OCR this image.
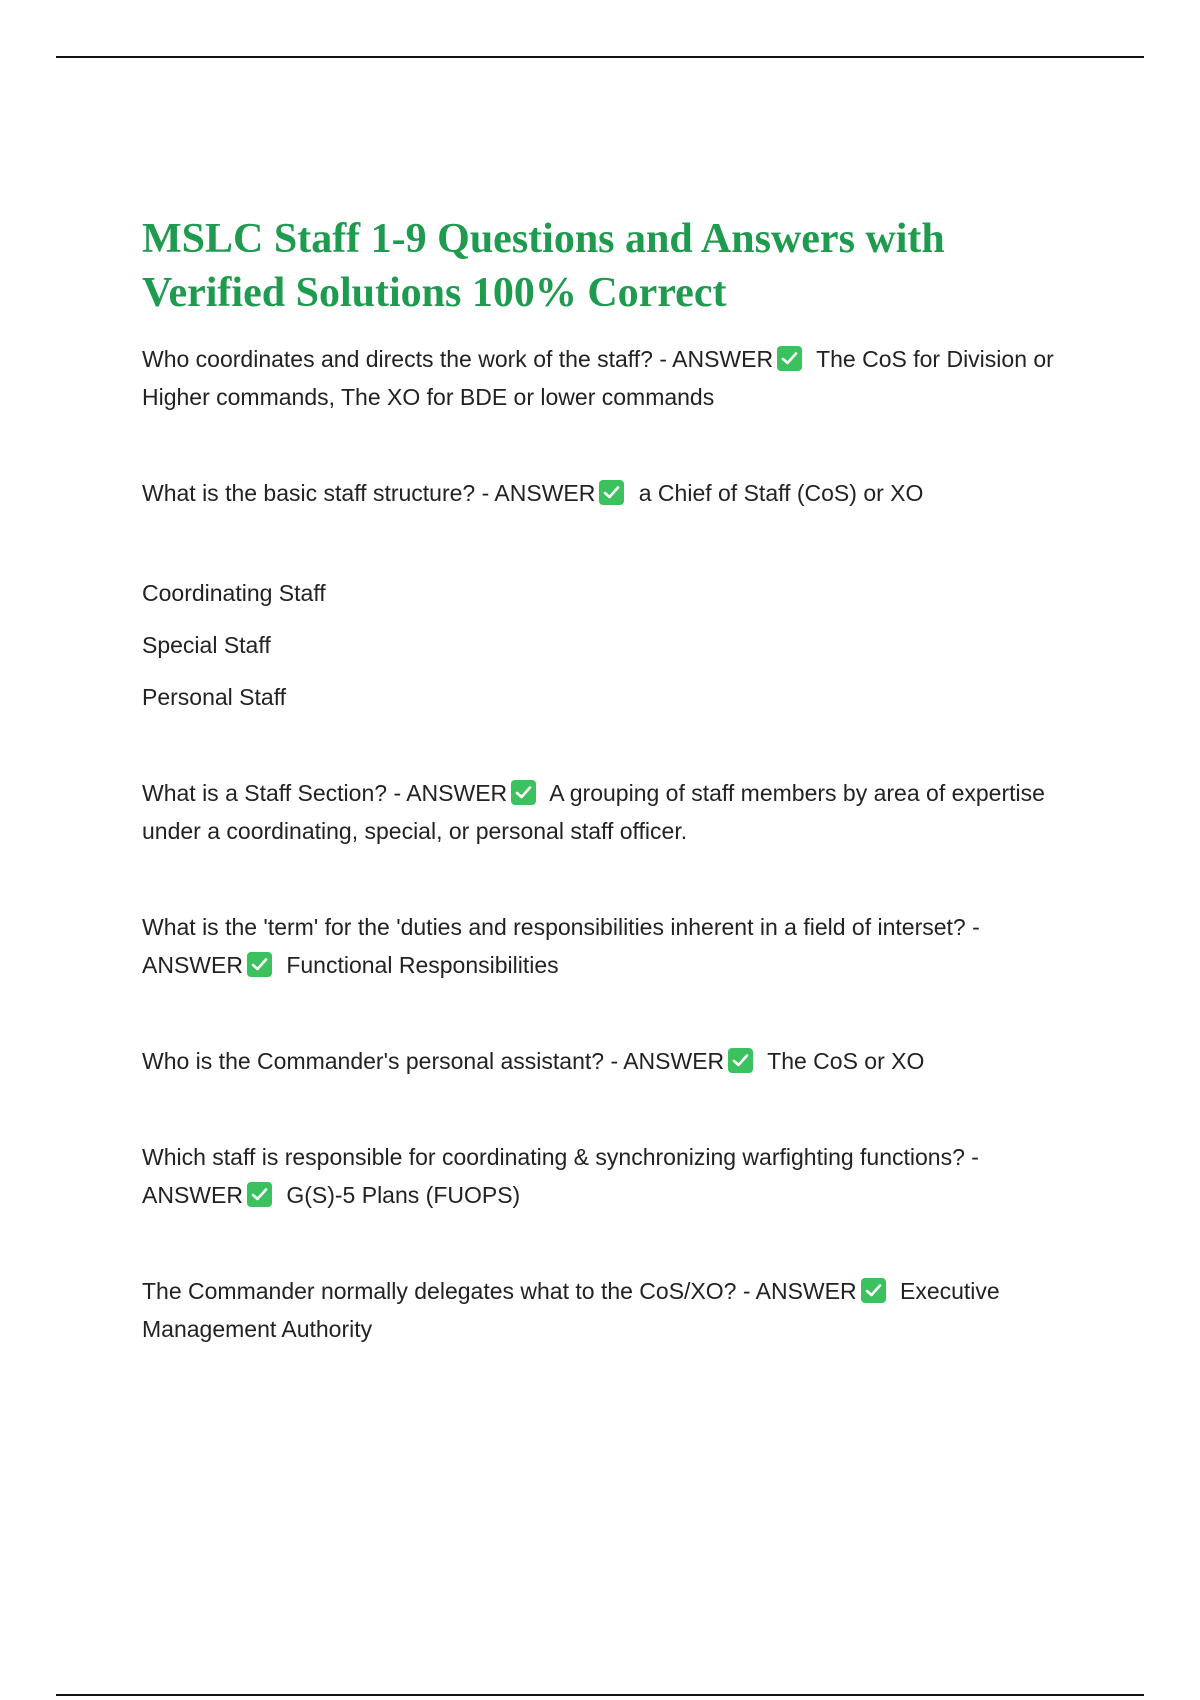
MSLC Staff 1-9 Questions and Answers with Verified Solutions 100% Correct

Who coordinates and directs the work of the staff? - ANSWER The CoS for Division or Higher commands, The XO for BDE or lower commands

What is the basic staff structure? - ANSWER a Chief of Staff (CoS) or XO

Coordinating Staff

Special Staff

Personal Staff

What is a Staff Section? - ANSWER A grouping of staff members by area of expertise under a coordinating, special, or personal staff officer.

What is the 'term' for the 'duties and responsibilities inherent in a field of interset? - ANSWER Functional Responsibilities

Who is the Commander's personal assistant? - ANSWER The CoS or XO

Which staff is responsible for coordinating & synchronizing warfighting functions? - ANSWER G(S)-5 Plans (FUOPS)

The Commander normally delegates what to the CoS/XO? - ANSWER Executive Management Authority
